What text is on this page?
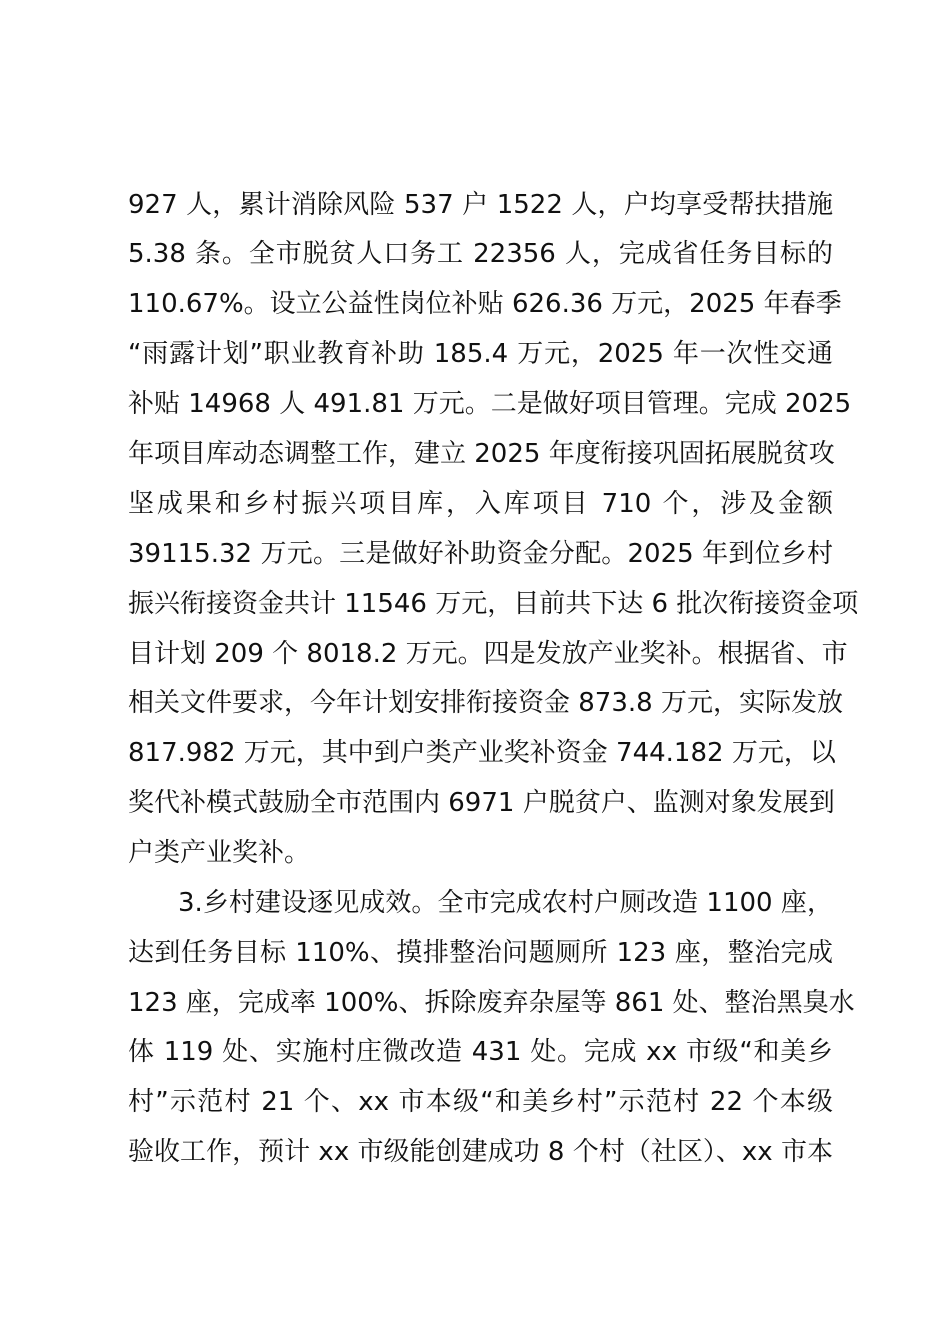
927 人，累计消除风险 537 户 1522 人，户均享受帮扶措施
5.38 条。全市脱贫人口务工 22356 人，完成省任务目标的
110.67%。设立公益性岗位补贴 626.36 万元，2025 年春季
“雨露计划”职业教育补助 185.4 万元，2025 年一次性交通
补贴 14968 人 491.81 万元。二是做好项目管理。完成 2025
年项目库动态调整工作，建立 2025 年度衔接巩固拓展脱贫攻
坚成果和乡村振兴项目库，入库项目 710 个，涉及金额
39115.32 万元。三是做好补助资金分配。2025 年到位乡村
振兴衔接资金共计 11546 万元，目前共下达 6 批次衔接资金项
目计划 209 个 8018.2 万元。四是发放产业奖补。根据省、市
相关文件要求，今年计划安排衔接资金 873.8 万元，实际发放
817.982 万元，其中到户类产业奖补资金 744.182 万元，以
奖代补模式鼓励全市范围内 6971 户脱贫户、监测对象发展到
户类产业奖补。
3.乡村建设逐见成效。全市完成农村户厕改造 1100 座，
达到任务目标 110%、摸排整治问题厕所 123 座，整治完成
123 座，完成率 100%、拆除废弃杂屋等 861 处、整治黑臭水
体 119 处、实施村庄微改造 431 处。完成 xx 市级“和美乡
村”示范村 21 个、xx 市本级“和美乡村”示范村 22 个本级
验收工作，预计 xx 市级能创建成功 8 个村（社区）、xx 市本
